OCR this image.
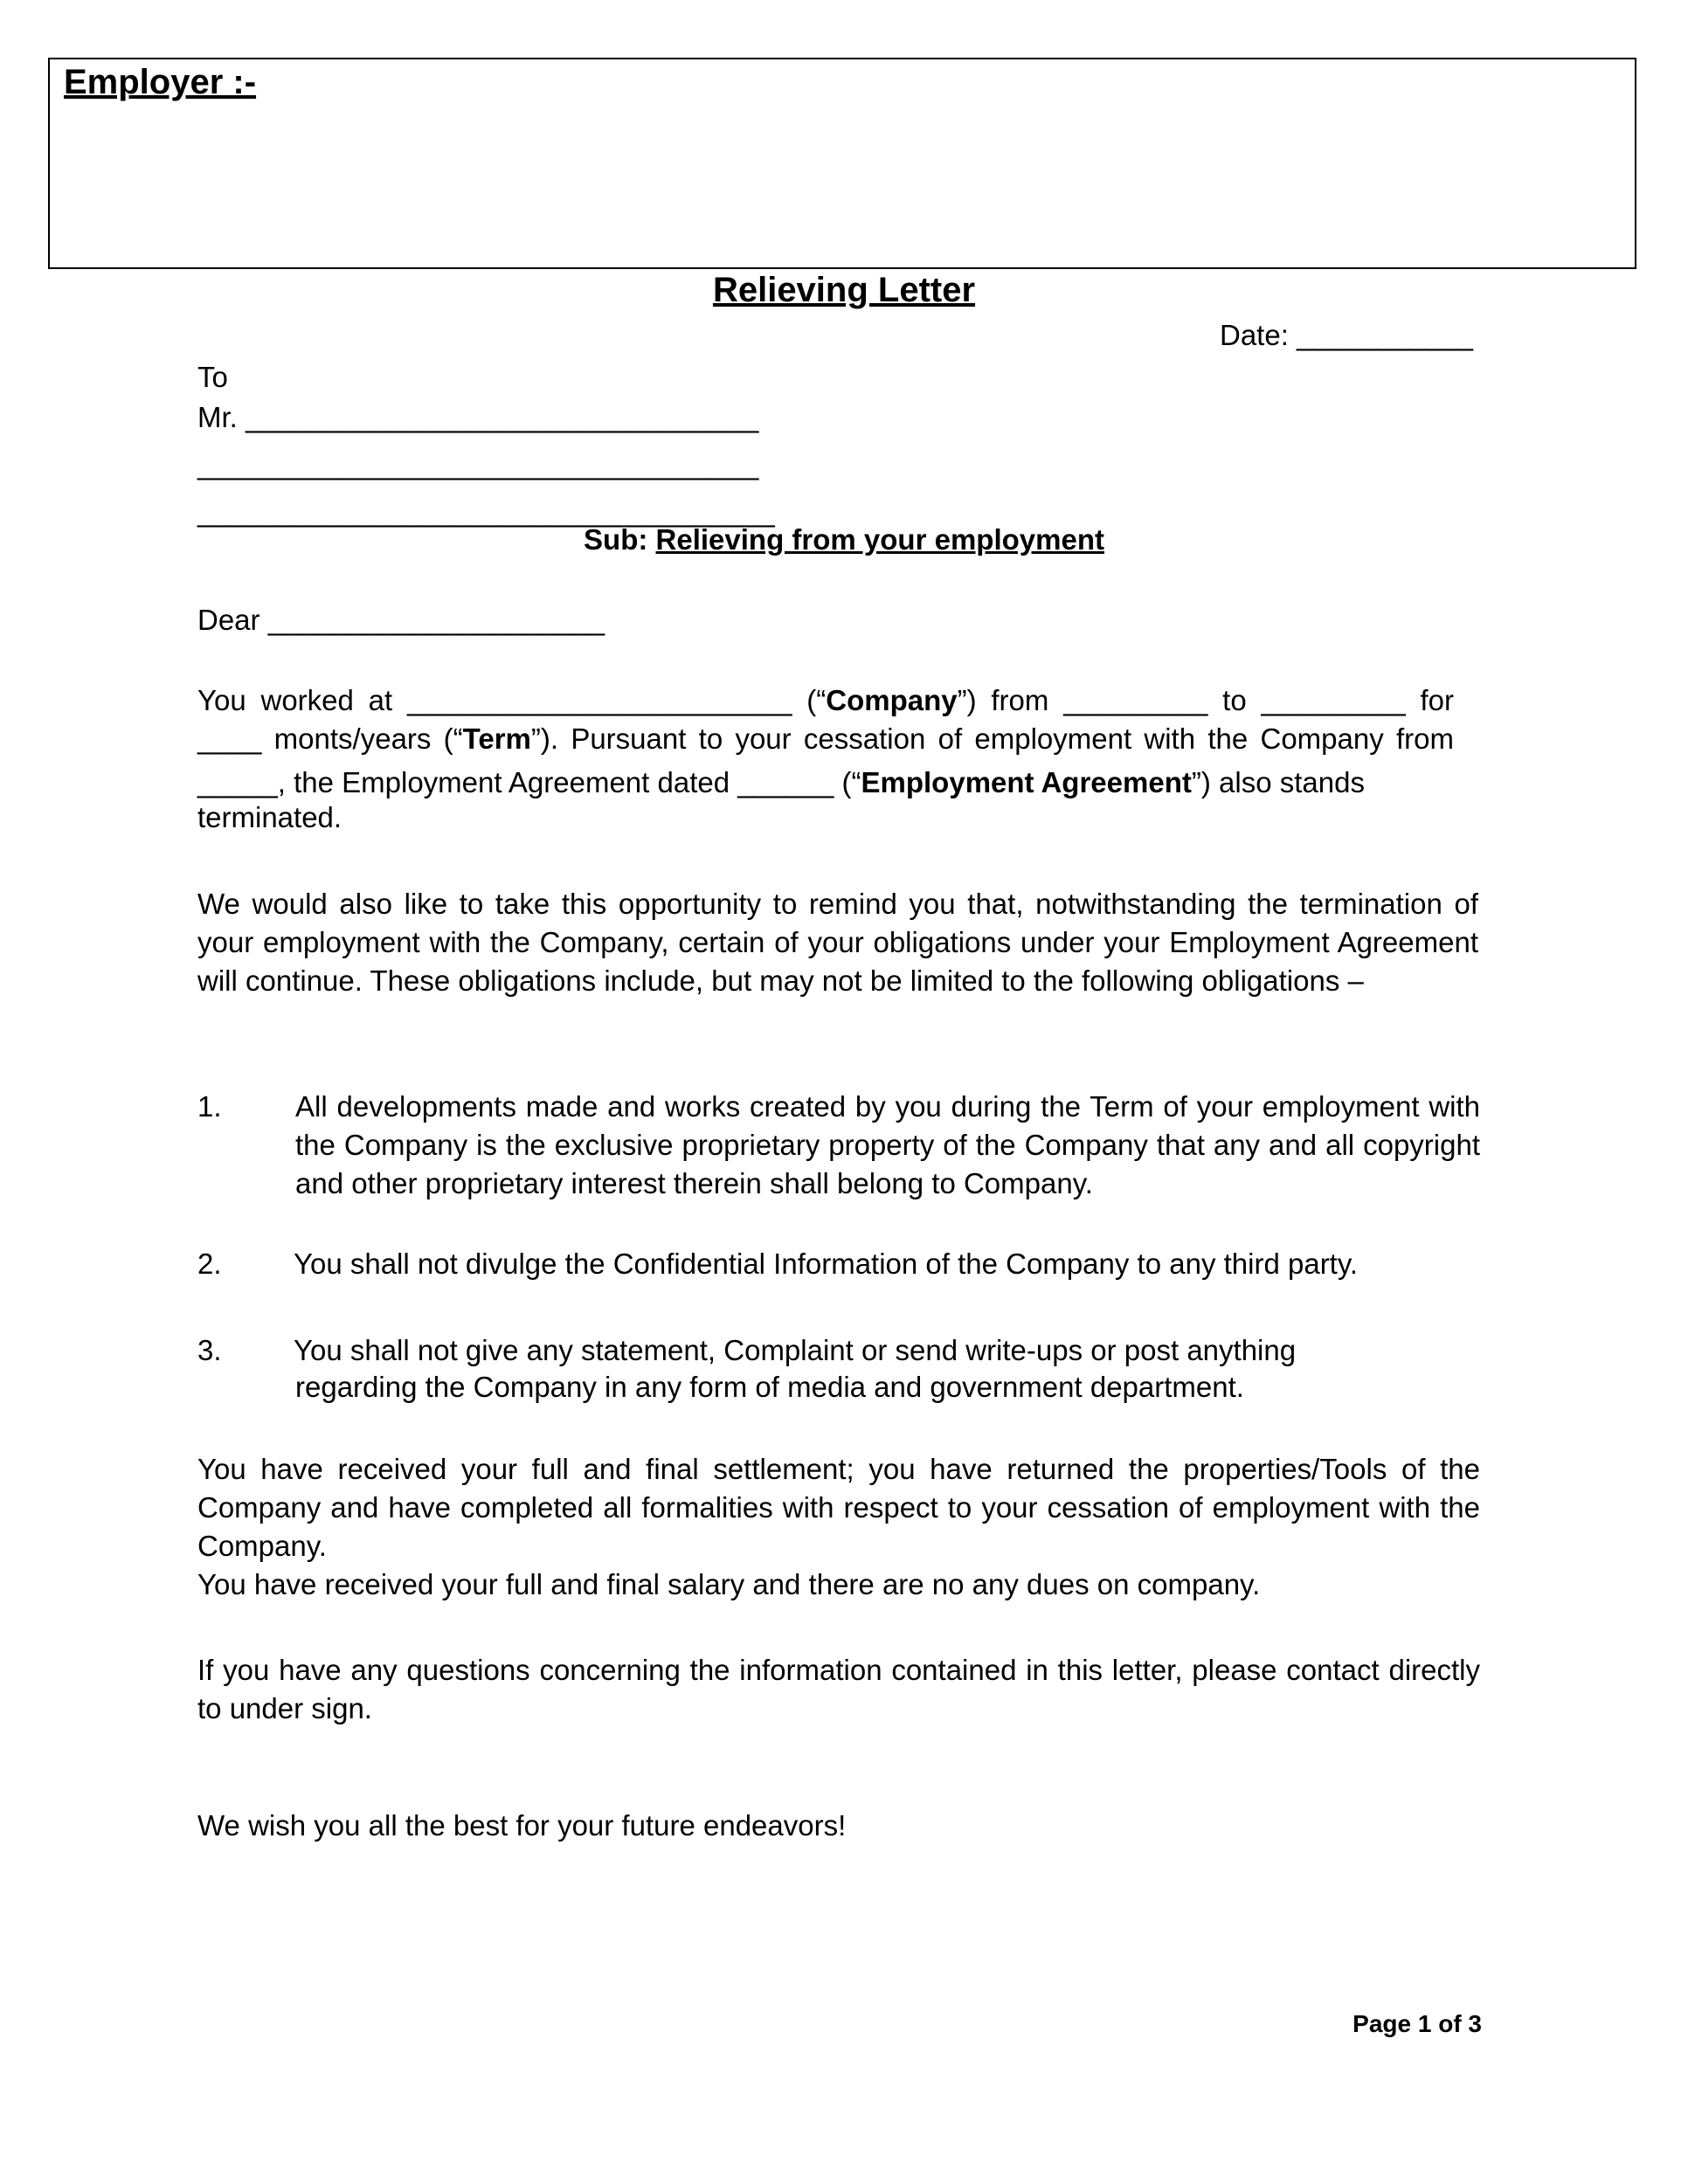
Employer :-
Relieving Letter
Date: ___________
To
Mr. ________________________________
___________________________________
____________________________________
Sub: Relieving from your employment
Dear _____________________
You worked at ________________________ (“Company”) from _________ to _________ for
____ monts/years (“Term”). Pursuant to your cessation of employment with the Company from
_____, the Employment Agreement dated ______ (“Employment Agreement”) also stands
terminated.
We would also like to take this opportunity to remind you that, notwithstanding the termination of your employment with the Company, certain of your obligations under your Employment Agreement will continue. These obligations include, but may not be limited to the following obligations –
1.	All developments made and works created by you during the Term of your employment with the Company is the exclusive proprietary property of the Company that any and all copyright and other proprietary interest therein shall belong to Company.
2. You shall not divulge the Confidential Information of the Company to any third party.
3. You shall not give any statement, Complaint or send write-ups or post anything
regarding the Company in any form of media and government department.
You have received your full and final settlement; you have returned the properties/Tools of the Company and have completed all formalities with respect to your cessation of employment with the Company.
You have received your full and final salary and there are no any dues on company.
If you have any questions concerning the information contained in this letter, please contact directly to under sign.
We wish you all the best for your future endeavors!
Page 1 of 3
